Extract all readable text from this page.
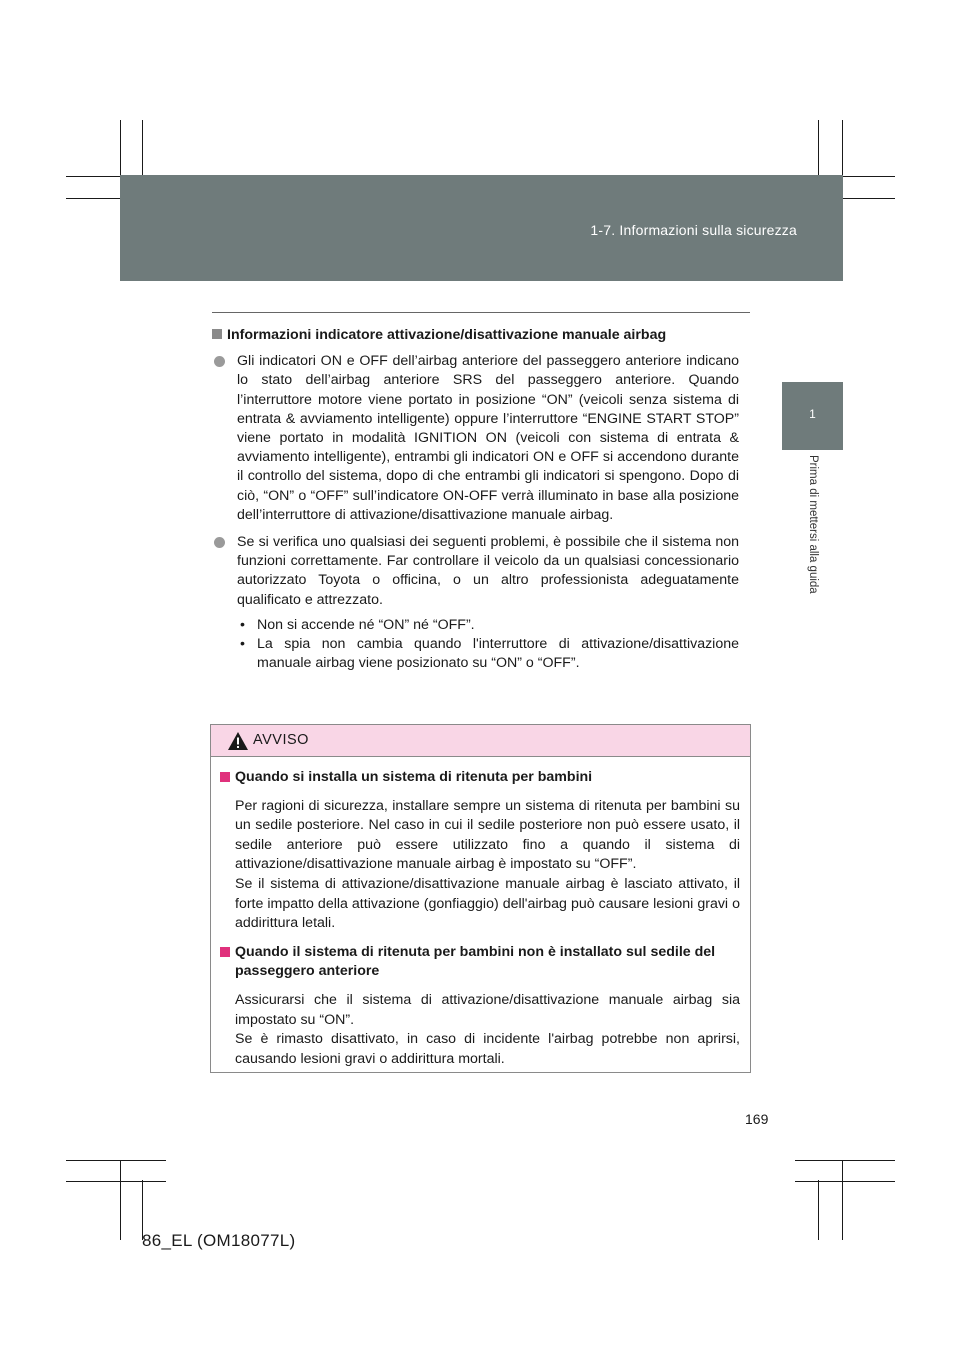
1-7. Informazioni sulla sicurezza
1
Prima di mettersi alla guida
Informazioni indicatore attivazione/disattivazione manuale airbag

Gli indicatori ON e OFF dell’airbag anteriore del passeggero anteriore indicano lo stato dell’airbag anteriore SRS del passeggero anteriore. Quando l’interruttore motore viene portato in posizione “ON” (veicoli senza sistema di entrata & avviamento intelligente) oppure l’interruttore “ENGINE START STOP” viene portato in modalità IGNITION ON (veicoli con sistema di entrata & avviamento intelligente), entrambi gli indicatori ON e OFF si accendono durante il controllo del sistema, dopo di che entrambi gli indicatori si spengono. Dopo di ciò, “ON” o “OFF” sull’indicatore ON-OFF verrà illuminato in base alla posizione dell’interruttore di attivazione/disattivazione manuale airbag.

Se si verifica uno qualsiasi dei seguenti problemi, è possibile che il sistema non funzioni correttamente. Far controllare il veicolo da un qualsiasi concessionario autorizzato Toyota o officina, o un altro professionista adeguatamente qualificato e attrezzato.

• Non si accende né “ON” né “OFF”.

• La spia non cambia quando l'interruttore di attivazione/disattivazione manuale airbag viene posizionato su “ON” o “OFF”.

AVVISO
Quando si installa un sistema di ritenuta per bambini

Per ragioni di sicurezza, installare sempre un sistema di ritenuta per bambini su un sedile posteriore. Nel caso in cui il sedile posteriore non può essere usato, il sedile anteriore può essere utilizzato fino a quando il sistema di attivazione/disattivazione manuale airbag è impostato su “OFF”.

Se il sistema di attivazione/disattivazione manuale airbag è lasciato attivato, il forte impatto della attivazione (gonfiaggio) dell'airbag può causare lesioni gravi o addirittura letali.

Quando il sistema di ritenuta per bambini non è installato sul sedile del passeggero anteriore

Assicurarsi che il sistema di attivazione/disattivazione manuale airbag sia impostato su “ON”.

Se è rimasto disattivato, in caso di incidente l'airbag potrebbe non aprirsi, causando lesioni gravi o addirittura mortali.

169
86_EL (OM18077L)
